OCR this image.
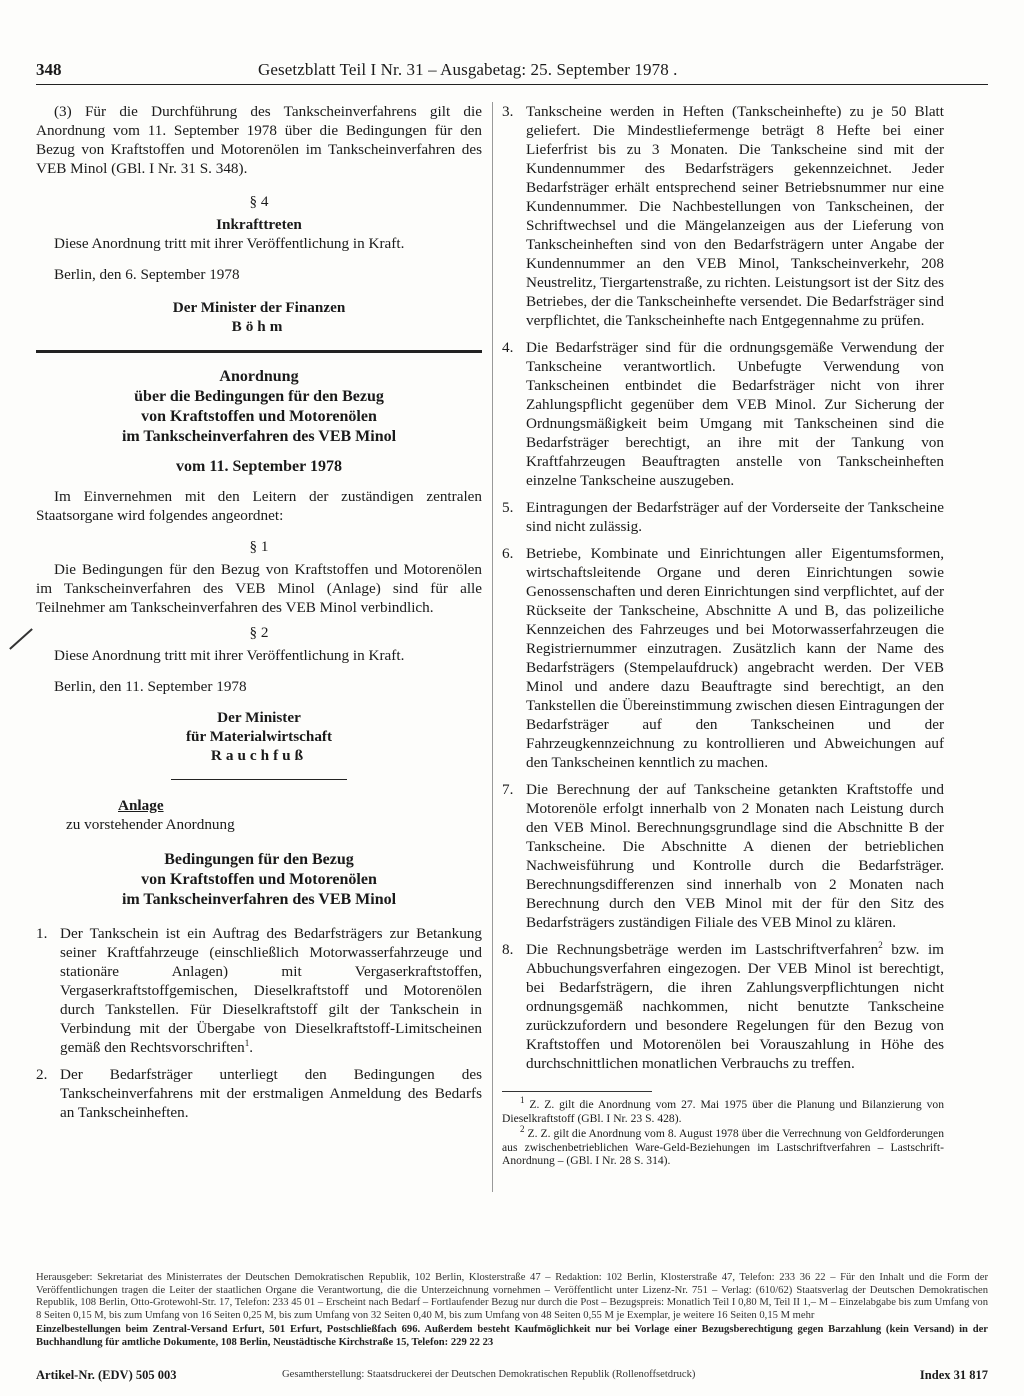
348	Gesetzblatt Teil I Nr. 31 – Ausgabetag: 25. September 1978 .

(3) Für die Durchführung des Tankscheinverfahrens gilt die Anordnung vom 11. September 1978 über die Bedingungen für den Bezug von Kraftstoffen und Motorenölen im Tankscheinverfahren des VEB Minol (GBl. I Nr. 31 S. 348).

§ 4

Inkrafttreten

Diese Anordnung tritt mit ihrer Veröffentlichung in Kraft.

Berlin, den 6. September 1978

Der Minister der Finanzen

Böhm

Anordnung

über die Bedingungen für den Bezug

von Kraftstoffen und Motorenölen

im Tankscheinverfahren des VEB Minol

vom 11. September 1978

Im Einvernehmen mit den Leitern der zuständigen zentralen Staatsorgane wird folgendes angeordnet:

§ 1

Die Bedingungen für den Bezug von Kraftstoffen und Motorenölen im Tankscheinverfahren des VEB Minol (Anlage) sind für alle Teilnehmer am Tankscheinverfahren des VEB Minol verbindlich.

§ 2

Diese Anordnung tritt mit ihrer Veröffentlichung in Kraft.

Berlin, den 11. September 1978

Der Minister

für Materialwirtschaft

Rauchfuß

Anlage

zu vorstehender Anordnung

Bedingungen für den Bezug

von Kraftstoffen und Motorenölen

im Tankscheinverfahren des VEB Minol

1. Der Tankschein ist ein Auftrag des Bedarfsträgers zur Betankung seiner Kraftfahrzeuge (einschließlich Motorwasserfahrzeuge und stationäre Anlagen) mit Vergaserkraftstoffen, Vergaserkraftstoffgemischen, Dieselkraftstoff und Motorenölen durch Tankstellen. Für Dieselkraftstoff gilt der Tankschein in Verbindung mit der Übergabe von Dieselkraftstoff-Limitscheinen gemäß den Rechtsvorschriften$^1$.
2. Der Bedarfsträger unterliegt den Bedingungen des Tankscheinverfahrens mit der erstmaligen Anmeldung des Bedarfs an Tankscheinheften.
3. Tankscheine werden in Heften (Tankscheinhefte) zu je 50 Blatt geliefert. Die Mindestliefermenge beträgt 8 Hefte bei einer Lieferfrist bis zu 3 Monaten. Die Tankscheine sind mit der Kundennummer des Bedarfsträgers gekennzeichnet. Jeder Bedarfsträger erhält entsprechend seiner Betriebsnummer nur eine Kundennummer. Die Nachbestellungen von Tankscheinen, der Schriftwechsel und die Mängelanzeigen aus der Lieferung von Tankscheinheften sind von den Bedarfsträgern unter Angabe der Kundennummer an den VEB Minol, Tankscheinverkehr, 208 Neustrelitz, Tiergartenstraße, zu richten. Leistungsort ist der Sitz des Betriebes, der die Tankscheinhefte versendet. Die Bedarfsträger sind verpflichtet, die Tankscheinhefte nach Entgegennahme zu prüfen.
4. Die Bedarfsträger sind für die ordnungsgemäße Verwendung der Tankscheine verantwortlich. Unbefugte Verwendung von Tankscheinen entbindet die Bedarfsträger nicht von ihrer Zahlungspflicht gegenüber dem VEB Minol. Zur Sicherung der Ordnungsmäßigkeit beim Umgang mit Tankscheinen sind die Bedarfsträger berechtigt, an ihre mit der Tankung von Kraftfahrzeugen Beauftragten anstelle von Tankscheinheften einzelne Tankscheine auszugeben.
5. Eintragungen der Bedarfsträger auf der Vorderseite der Tankscheine sind nicht zulässig.
6. Betriebe, Kombinate und Einrichtungen aller Eigentumsformen, wirtschaftsleitende Organe und deren Einrichtungen sowie Genossenschaften und deren Einrichtungen sind verpflichtet, auf der Rückseite der Tankscheine, Abschnitte A und B, das polizeiliche Kennzeichen des Fahrzeuges und bei Motorwasserfahrzeugen die Registriernummer einzutragen. Zusätzlich kann der Name des Bedarfsträgers (Stempelaufdruck) angebracht werden. Der VEB Minol und andere dazu Beauftragte sind berechtigt, an den Tankstellen die Übereinstimmung zwischen diesen Eintragungen der Bedarfsträger auf den Tankscheinen und der Fahrzeugkennzeichnung zu kontrollieren und Abweichungen auf den Tankscheinen kenntlich zu machen.
7. Die Berechnung der auf Tankscheine getankten Kraftstoffe und Motorenöle erfolgt innerhalb von 2 Monaten nach Leistung durch den VEB Minol. Berechnungsgrundlage sind die Abschnitte B der Tankscheine. Die Abschnitte A dienen der betrieblichen Nachweisführung und Kontrolle durch die Bedarfsträger. Berechnungsdifferenzen sind innerhalb von 2 Monaten nach Berechnung durch den VEB Minol mit der für den Sitz des Bedarfsträgers zuständigen Filiale des VEB Minol zu klären.
8. Die Rechnungsbeträge werden im Lastschriftverfahren$^2$ bzw. im Abbuchungsverfahren eingezogen. Der VEB Minol ist berechtigt, bei Bedarfsträgern, die ihren Zahlungsverpflichtungen nicht ordnungsgemäß nachkommen, nicht benutzte Tankscheine zurückzufordern und besondere Regelungen für den Bezug von Kraftstoffen und Motorenölen bei Vorauszahlung in Höhe des durchschnittlichen monatlichen Verbrauchs zu treffen.

$^1$ Z. Z. gilt die Anordnung vom 27. Mai 1975 über die Planung und Bilanzierung von Dieselkraftstoff (GBl. I Nr. 23 S. 428).

$^2$ Z. Z. gilt die Anordnung vom 8. August 1978 über die Verrechnung von Geldforderungen aus zwischenbetrieblichen Ware-Geld-Beziehungen im Lastschriftverfahren – Lastschrift-Anordnung – (GBl. I Nr. 28 S. 314).

Herausgeber: Sekretariat des Ministerrates der Deutschen Demokratischen Republik, 102 Berlin, Klosterstraße 47 – Redaktion: 102 Berlin, Klosterstraße 47, Telefon: 233 36 22 – Für den Inhalt und die Form der Veröffentlichungen tragen die Leiter der staatlichen Organe die Verantwortung, die die Unterzeichnung vornehmen – Veröffentlicht unter Lizenz-Nr. 751 – Verlag: (610/62) Staatsverlag der Deutschen Demokratischen Republik, 108 Berlin, Otto-Grotewohl-Str. 17, Telefon: 233 45 01 – Erscheint nach Bedarf – Fortlaufender Bezug nur durch die Post – Bezugspreis: Monatlich Teil I 0,80 M, Teil II 1,– M – Einzelabgabe bis zum Umfang von 8 Seiten 0,15 M, bis zum Umfang von 16 Seiten 0,25 M, bis zum Umfang von 32 Seiten 0,40 M, bis zum Umfang von 48 Seiten 0,55 M je Exemplar, je weitere 16 Seiten 0,15 M mehr

Einzelbestellungen beim Zentral-Versand Erfurt, 501 Erfurt, Postschließfach 696. Außerdem besteht Kaufmöglichkeit nur bei Vorlage einer Bezugsberechtigung gegen Barzahlung (kein Versand) in der Buchhandlung für amtliche Dokumente, 108 Berlin, Neustädtische Kirchstraße 15, Telefon: 229 22 23

Artikel-Nr. (EDV) 505 003	Gesamtherstellung: Staatsdruckerei der Deutschen Demokratischen Republik (Rollenoffsetdruck)	Index 31 817
